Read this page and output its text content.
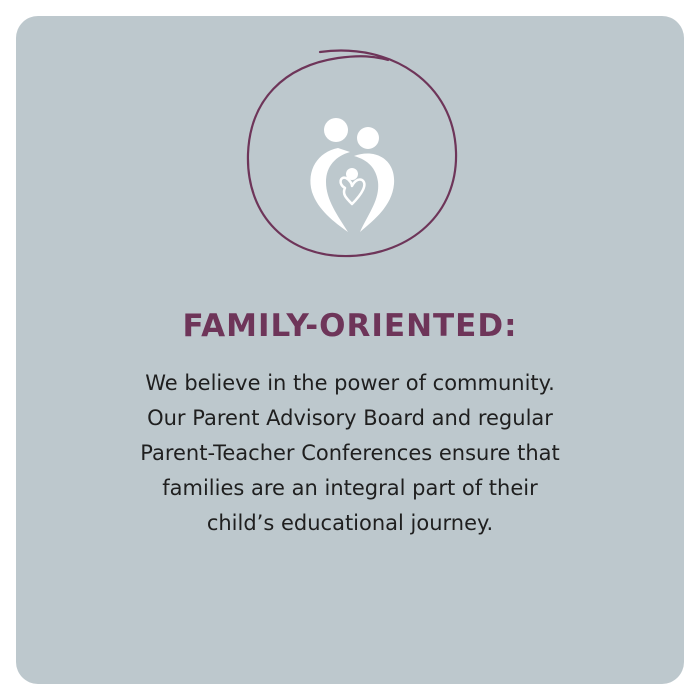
FAMILY-ORIENTED:
We believe in the power of community.
Our Parent Advisory Board and regular
Parent-Teacher Conferences ensure that
families are an integral part of their
child’s educational journey.
